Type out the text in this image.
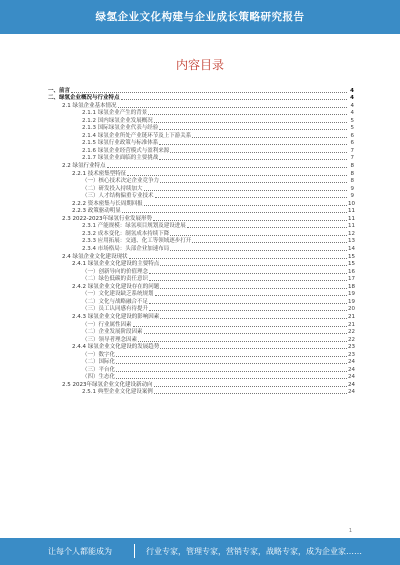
绿氢企业文化构建与企业成长策略研究报告
内容目录
一、前言	4
二、绿氢企业概况与行业特点	4
2.1 绿氢企业基本情况	4
2.1.1 绿氢企业产生的背景	4
2.1.2 国内绿氢企业发展概况	5
2.1.3 国际绿氢企业代表与经验	5
2.1.4 绿氢企业所处产业链环节及上下游关系	6
2.1.5 绿氢行业政策与标准体系	6
2.1.6 绿氢企业经营模式与盈利来源	7
2.1.7 绿氢企业面临的主要挑战	7
2.2 绿氢行业特点	8
2.2.1 技术密集型特征	8
（一）核心技术决定企业竞争力	8
（二）研发投入持续加大	9
（三）人才结构偏重专业技术	9
2.2.2 资本密集与长周期回报	10
2.2.3 政策驱动明显	11
2.3 2022-2023年绿氢行业发展形势	11
2.3.1 产能规模：绿氢项目规划及建设进展	11
2.3.2 成本变化：制氢成本持续下降	12
2.3.3 应用拓展：交通、化工等领域逐步打开	13
2.3.4 市场格局：头部企业加速布局	14
2.4 绿氢企业文化建设现状	15
2.4.1 绿氢企业文化建设的主要特点	15
（一）创新导向的价值理念	16
（二）绿色低碳的责任意识	17
2.4.2 绿氢企业文化建设存在的问题	18
（一）文化建设缺乏系统规划	19
（二）文化与战略融合不足	19
（三）员工认同感有待提升	20
2.4.3 绿氢企业文化建设的影响因素	21
（一）行业属性因素	21
（二）企业发展阶段因素	22
（三）领导者理念因素	22
2.4.4 绿氢企业文化建设的发展趋势	23
（一）数字化	23
（二）国际化	24
（三）平台化	24
（四）生态化	24
2.5 2023年绿氢企业文化建设新动向	24
2.5.1 典型企业文化建设案例	24
1
让每个人都能成为	行业专家，管理专家，营销专家，战略专家，成为企业家……
